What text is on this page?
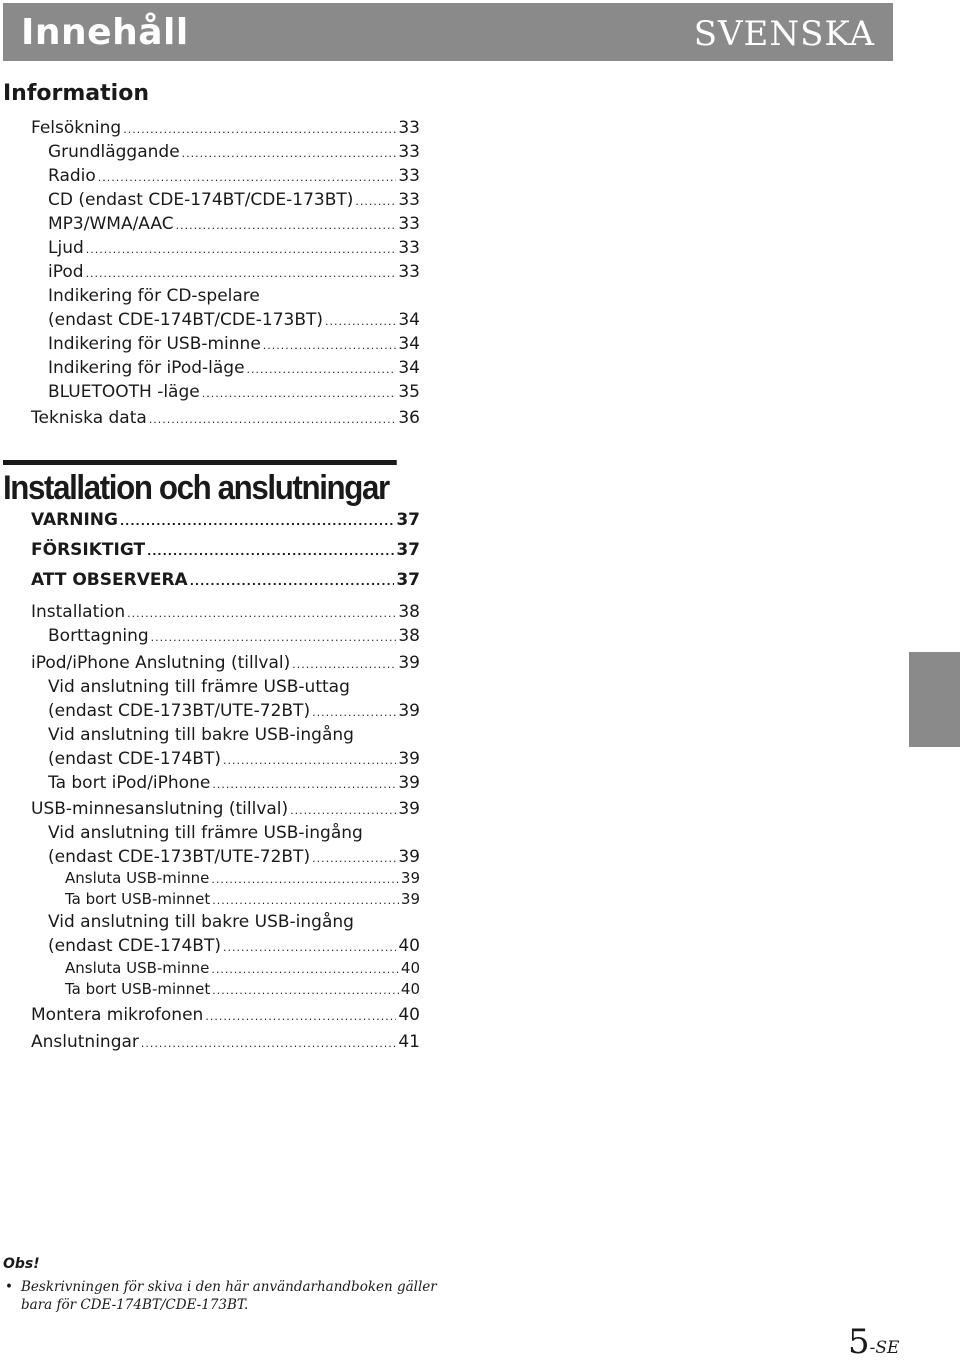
Innehåll	SVENSKA
Information
Felsökning .....	33
Grundläggande .....	33
Radio .....	33
CD (endast CDE-174BT/CDE-173BT) .....	33
MP3/WMA/AAC .....	33
Ljud .....	33
iPod .....	33
Indikering för CD-spelare
(endast CDE-174BT/CDE-173BT) .....	34
Indikering för USB-minne .....	34
Indikering för iPod-läge .....	34
BLUETOOTH -läge .....	35
Tekniska data .....	36
Installation och anslutningar
VARNING .....	37
FÖRSIKTIGT .....	37
ATT OBSERVERA .....	37
Installation .....	38
Borttagning .....	38
iPod/iPhone Anslutning (tillval) .....	39
Vid anslutning till främre USB-uttag
(endast CDE-173BT/UTE-72BT) .....	39
Vid anslutning till bakre USB-ingång
(endast CDE-174BT) .....	39
Ta bort iPod/iPhone .....	39
USB-minnesanslutning (tillval) .....	39
Vid anslutning till främre USB-ingång
(endast CDE-173BT/UTE-72BT) .....	39
Ansluta USB-minne .....	39
Ta bort USB-minnet .....	39
Vid anslutning till bakre USB-ingång
(endast CDE-174BT) .....	40
Ansluta USB-minne .....	40
Ta bort USB-minnet .....	40
Montera mikrofonen .....	40
Anslutningar .....	41
Obs!
• Beskrivningen för skiva i den här användarhandboken gäller bara för CDE-174BT/CDE-173BT.
5 -SE
